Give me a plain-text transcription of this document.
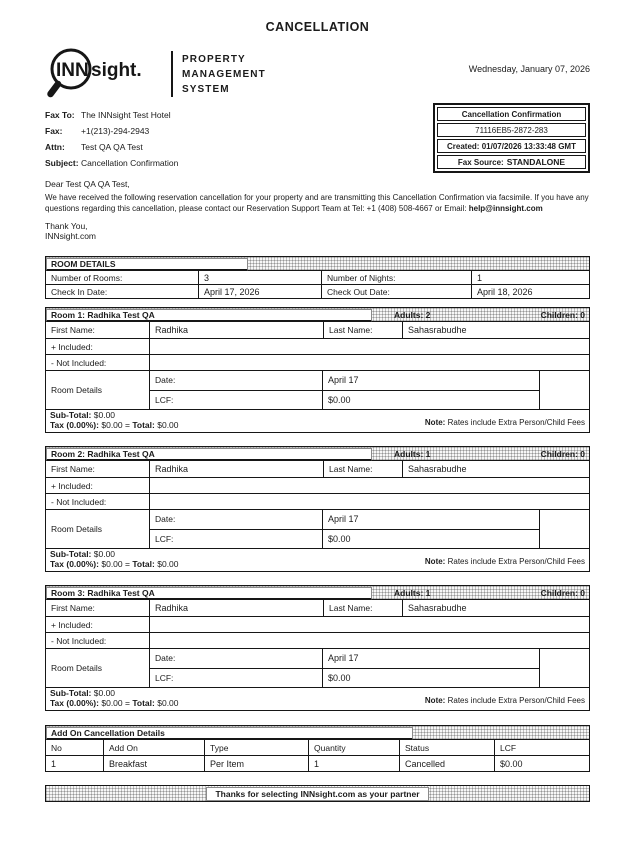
CANCELLATION
INN sight.
PROPERTY
MANAGEMENT
SYSTEM
Wednesday, January 07, 2026
Fax To: The INNsight Test Hotel
Fax: +1(213)-294-2943
Attn: Test QA QA Test
Subject: Cancellation Confirmation
Cancellation Confirmation
71116EB5-2872-283
Created:
01/07/2026 13:33:48 GMT
Fax Source: STANDALONE
Dear Test QA QA Test,
We have received the following reservation cancellation for your property and are transmitting this Cancellation Confirmation via facsimile. If you have any questions regarding this cancellation, please contact our Reservation Support Team at Tel: +1 (408) 508-4667 or Email: help@innsight.com
Thank You,
INNsight.com
ROOM DETAILS
Number of Rooms:	3	Number of Nights:	1
Check In Date:	April 17, 2026	Check Out Date:	April 18, 2026
Room 1: Radhika Test QA	Adults: 2	Children: 0
First Name:	Radhika	Last Name:	Sahasrabudhe
+ Included:
- Not Included:
Room Details
Date:	April 17
LCF:	$0.00
Sub-Total: $0.00
Tax (0.00%): $0.00 = Total: $0.00	Note: Rates include Extra Person/Child Fees
Room 2: Radhika Test QA	Adults: 1	Children: 0
First Name:	Radhika	Last Name:	Sahasrabudhe
+ Included:
- Not Included:
Room Details
Date:	April 17
LCF:	$0.00
Sub-Total: $0.00
Tax (0.00%): $0.00 = Total: $0.00	Note: Rates include Extra Person/Child Fees
Room 3: Radhika Test QA	Adults: 1	Children: 0
First Name:	Radhika	Last Name:	Sahasrabudhe
+ Included:
- Not Included:
Room Details
Date:	April 17
LCF:	$0.00
Sub-Total: $0.00
Tax (0.00%): $0.00 = Total: $0.00	Note: Rates include Extra Person/Child Fees
Add On Cancellation Details
No	Add On	Type	Quantity	Status	LCF
1	Breakfast	Per Item	1	Cancelled	$0.00
Thanks for selecting INNsight.com as your partner
